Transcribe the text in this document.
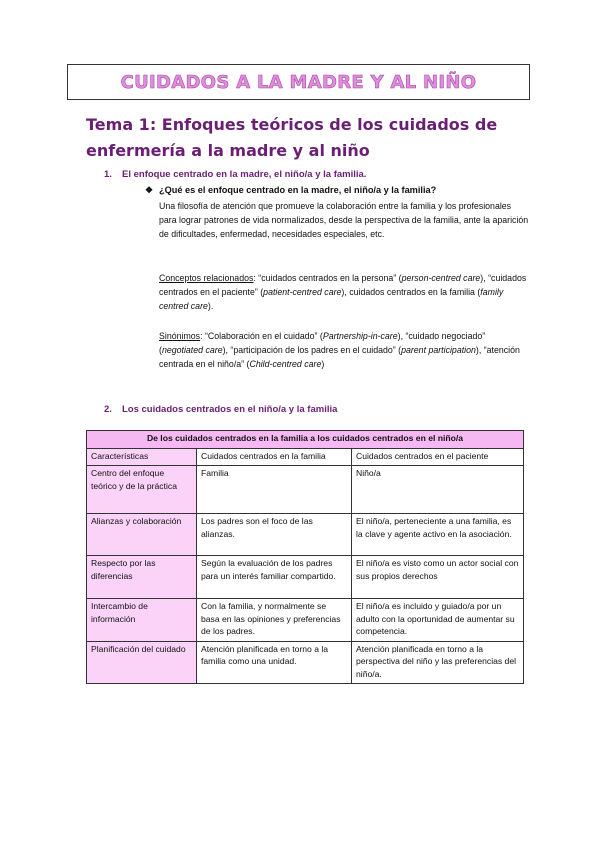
CUIDADOS A LA MADRE Y AL NIÑO
Tema 1: Enfoques teóricos de los cuidados de enfermería a la madre y al niño
1. El enfoque centrado en la madre, el niño/a y la familia.
❖ ¿Qué es el enfoque centrado en la madre, el niño/a y la familia?
Una filosofía de atención que promueve la colaboración entre la familia y los profesionales para lograr patrones de vida normalizados, desde la perspectiva de la familia, ante la aparición de dificultades, enfermedad, necesidades especiales, etc.
Conceptos relacionados: “cuidados centrados en la persona” (person-centred care), “cuidados centrados en el paciente” (patient-centred care), cuidados centrados en la familia (family centred care).
Sinónimos: “Colaboración en el cuidado” (Partnership-in-care), “cuidado negociado” (negotiated care), “participación de los padres en el cuidado” (parent participation), “atención centrada en el niño/a” (Child-centred care)
2. Los cuidados centrados en el niño/a y la familia
De los cuidados centrados en la familia a los cuidados centrados en el niño/a		
Características	Cuidados centrados en la familia	Cuidados centrados en el paciente
Centro del enfoque teórico y de la práctica	Familia	Niño/a
Alianzas y colaboración	Los padres son el foco de las alianzas.	El niño/a, perteneciente a una familia, es la clave y agente activo en la asociación.
Respecto por las diferencias	Según la evaluación de los padres para un interés familiar compartido.	El niño/a es visto como un actor social con sus propios derechos
Intercambio de información	Con la familia, y normalmente se basa en las opiniones y preferencias de los padres.	El niño/a es incluido y guiado/a por un adulto con la oportunidad de aumentar su competencia.
Planificación del cuidado	Atención planificada en torno a la familia como una unidad.	Atención planificada en torno a la perspectiva del niño y las preferencias del niño/a.
